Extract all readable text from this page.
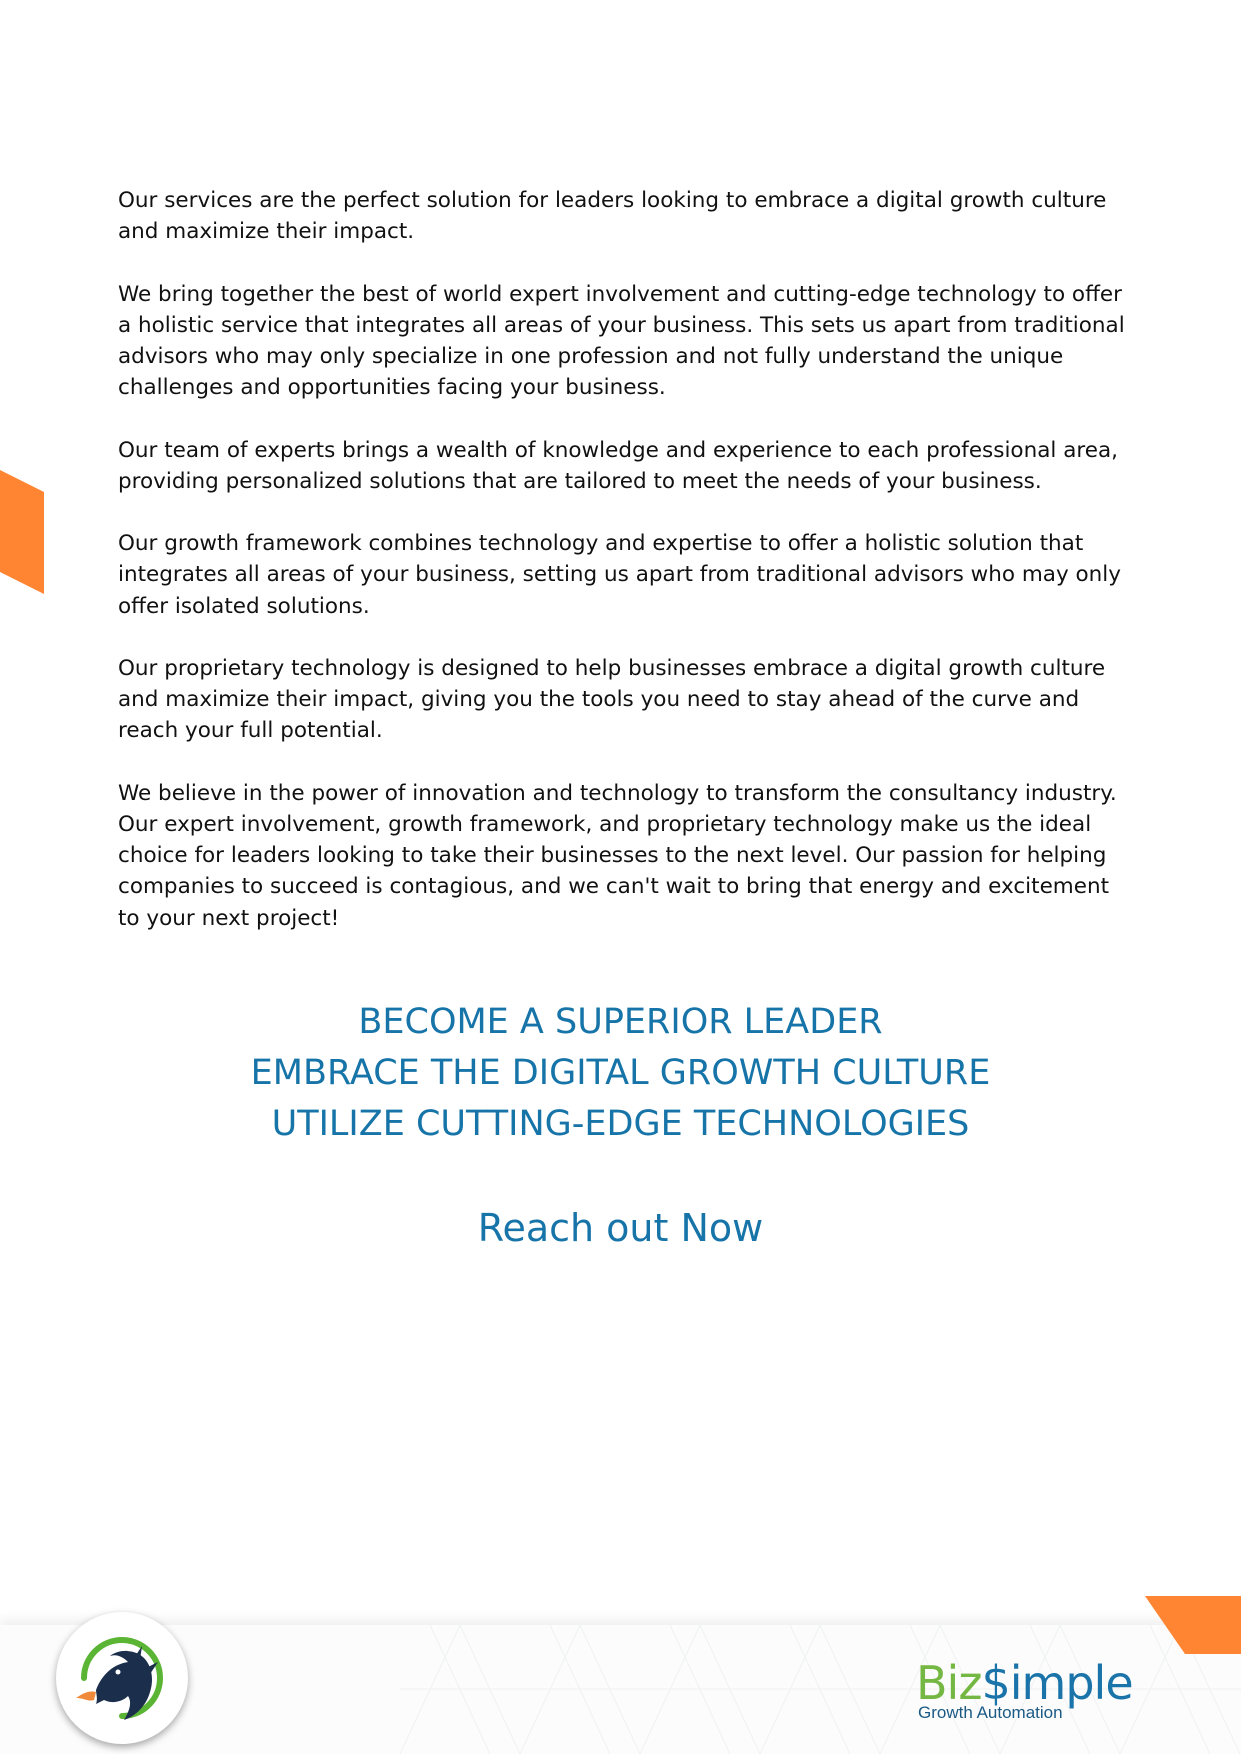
Our services are the perfect solution for leaders looking to embrace a digital growth culture and maximize their impact.

We bring together the best of world expert involvement and cutting-edge technology to offer a holistic service that integrates all areas of your business. This sets us apart from traditional advisors who may only specialize in one profession and not fully understand the unique challenges and opportunities facing your business.

Our team of experts brings a wealth of knowledge and experience to each professional area, providing personalized solutions that are tailored to meet the needs of your business.

Our growth framework combines technology and expertise to offer a holistic solution that integrates all areas of your business, setting us apart from traditional advisors who may only offer isolated solutions.

Our proprietary technology is designed to help businesses embrace a digital growth culture and maximize their impact, giving you the tools you need to stay ahead of the curve and reach your full potential.

We believe in the power of innovation and technology to transform the consultancy industry. Our expert involvement, growth framework, and proprietary technology make us the ideal choice for leaders looking to take their businesses to the next level. Our passion for helping companies to succeed is contagious, and we can't wait to bring that energy and excitement to your next project!

BECOME A SUPERIOR LEADER
EMBRACE THE DIGITAL GROWTH CULTURE
UTILIZE CUTTING-EDGE TECHNOLOGIES
Reach out Now
Biz$imple
Growth Automation
